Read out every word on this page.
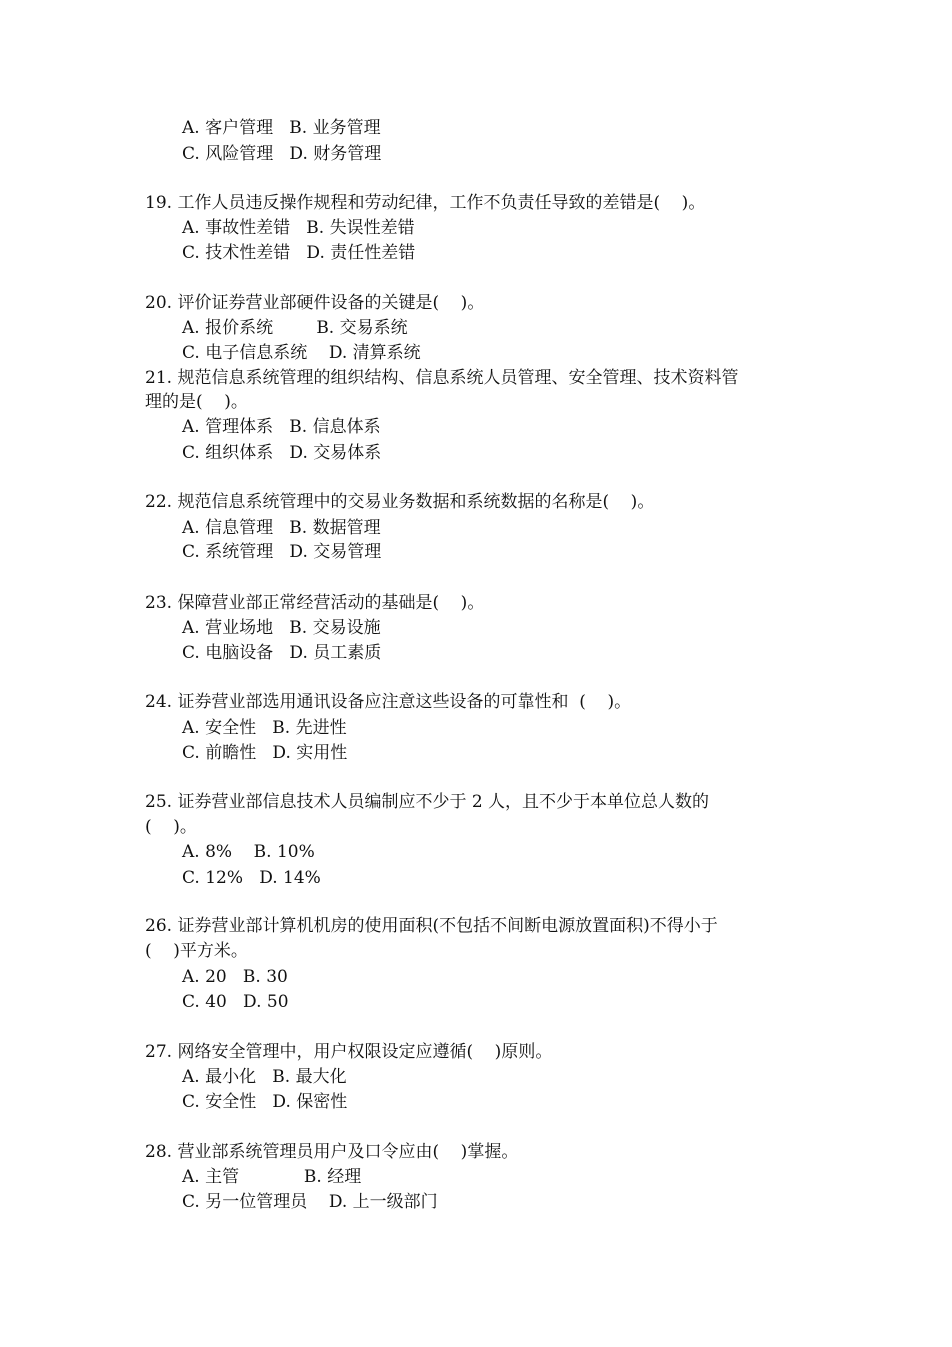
A. 客户管理   B. 业务管理
C. 风险管理   D. 财务管理
19. 工作人员违反操作规程和劳动纪律，工作不负责任导致的差错是(    )。
A. 事故性差错   B. 失误性差错
C. 技术性差错   D. 责任性差错
20. 评价证券营业部硬件设备的关键是(    )。
A. 报价系统        B. 交易系统
C. 电子信息系统    D. 清算系统
21. 规范信息系统管理的组织结构、信息系统人员管理、安全管理、技术资料管
理的是(    )。
A. 管理体系   B. 信息体系
C. 组织体系   D. 交易体系
22. 规范信息系统管理中的交易业务数据和系统数据的名称是(    )。
A. 信息管理   B. 数据管理
C. 系统管理   D. 交易管理
23. 保障营业部正常经营活动的基础是(    )。
A. 营业场地   B. 交易设施
C. 电脑设备   D. 员工素质
24. 证券营业部选用通讯设备应注意这些设备的可靠性和  (    )。
A. 安全性   B. 先进性
C. 前瞻性   D. 实用性
25. 证券营业部信息技术人员编制应不少于 2 人，且不少于本单位总人数的
(    )。
A. 8%    B. 10%
C. 12%   D. 14%
26. 证券营业部计算机机房的使用面积(不包括不间断电源放置面积)不得小于
(    )平方米。
A. 20   B. 30
C. 40   D. 50
27. 网络安全管理中，用户权限设定应遵循(    )原则。
A. 最小化   B. 最大化
C. 安全性   D. 保密性
28. 营业部系统管理员用户及口令应由(    )掌握。
A. 主管            B. 经理
C. 另一位管理员    D. 上一级部门
